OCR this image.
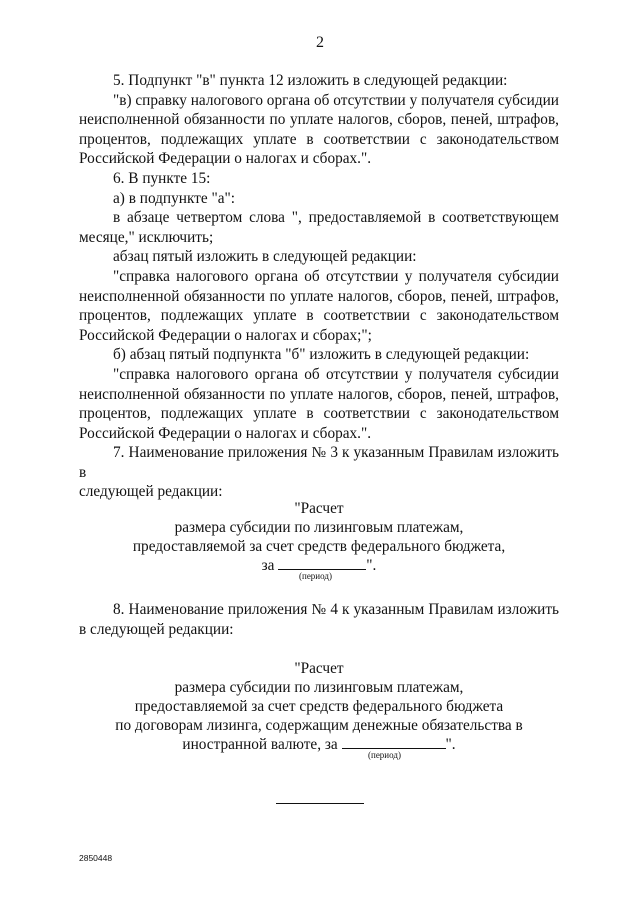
2
5. Подпункт "в" пункта 12 изложить в следующей редакции:
"в) справку налогового органа об отсутствии у получателя субсидии
неисполненной обязанности по уплате налогов, сборов, пеней, штрафов,
процентов, подлежащих уплате в соответствии с законодательством
Российской Федерации о налогах и сборах.".
6. В пункте 15:
а) в подпункте "а":
в абзаце четвертом слова ", предоставляемой в соответствующем
месяце," исключить;
абзац пятый изложить в следующей редакции:
"справка налогового органа об отсутствии у получателя субсидии
неисполненной обязанности по уплате налогов, сборов, пеней, штрафов,
процентов, подлежащих уплате в соответствии с законодательством
Российской Федерации о налогах и сборах;";
б) абзац пятый подпункта "б" изложить в следующей редакции:
"справка налогового органа об отсутствии у получателя субсидии
неисполненной обязанности по уплате налогов, сборов, пеней, штрафов,
процентов, подлежащих уплате в соответствии с законодательством
Российской Федерации о налогах и сборах.".
7. Наименование приложения № 3 к указанным Правилам изложить в
следующей редакции:
"Расчет
размера субсидии по лизинговым платежам,
предоставляемой за счет средств федерального бюджета,
за	".
(период)
8. Наименование приложения № 4 к указанным Правилам изложить
в следующей редакции:
"Расчет
размера субсидии по лизинговым платежам,
предоставляемой за счет средств федерального бюджета
по договорам лизинга, содержащим денежные обязательства в
иностранной валюте, за	".
(период)
2850448
